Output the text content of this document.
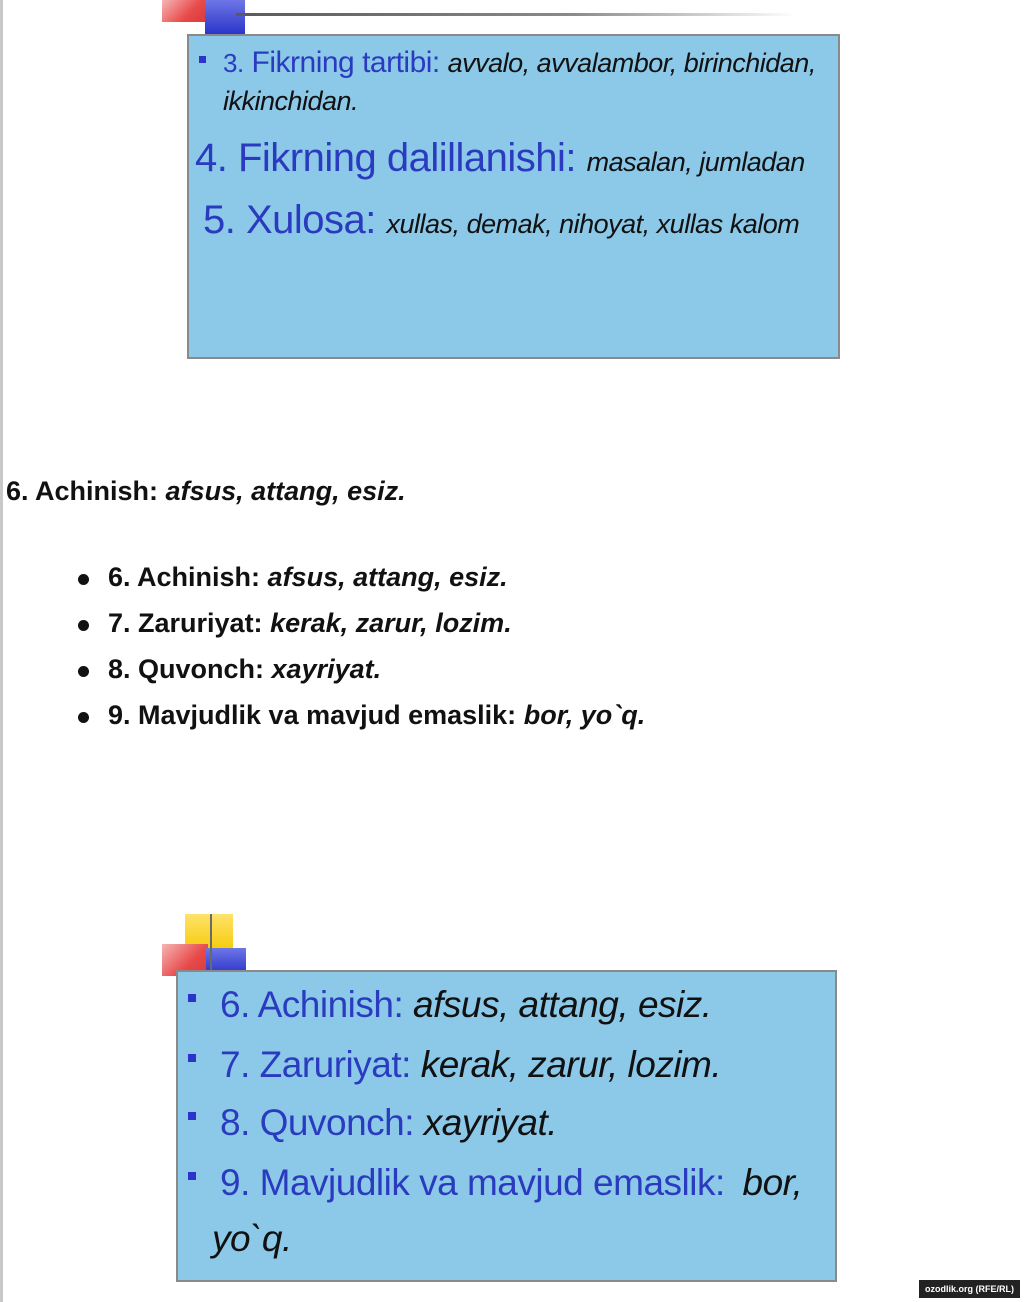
3. Fikrning tartibi: avvalo, avvalambor, birinchidan,
ikkinchidan.
4. Fikrning dalillanishi: masalan, jumladan
5. Xulosa: xullas, demak, nihoyat, xullas kalom
6. Achinish: afsus, attang, esiz.
6. Achinish: afsus, attang, esiz.
7. Zaruriyat: kerak, zarur, lozim.
8. Quvonch: xayriyat.
9. Mavjudlik va mavjud emaslik: bor, yo`q.
6. Achinish: afsus, attang, esiz.
7. Zaruriyat: kerak, zarur, lozim.
8. Quvonch: xayriyat.
9. Mavjudlik va mavjud emaslik: bor,
yo`q.
ozodlik.org (RFE/RL)
